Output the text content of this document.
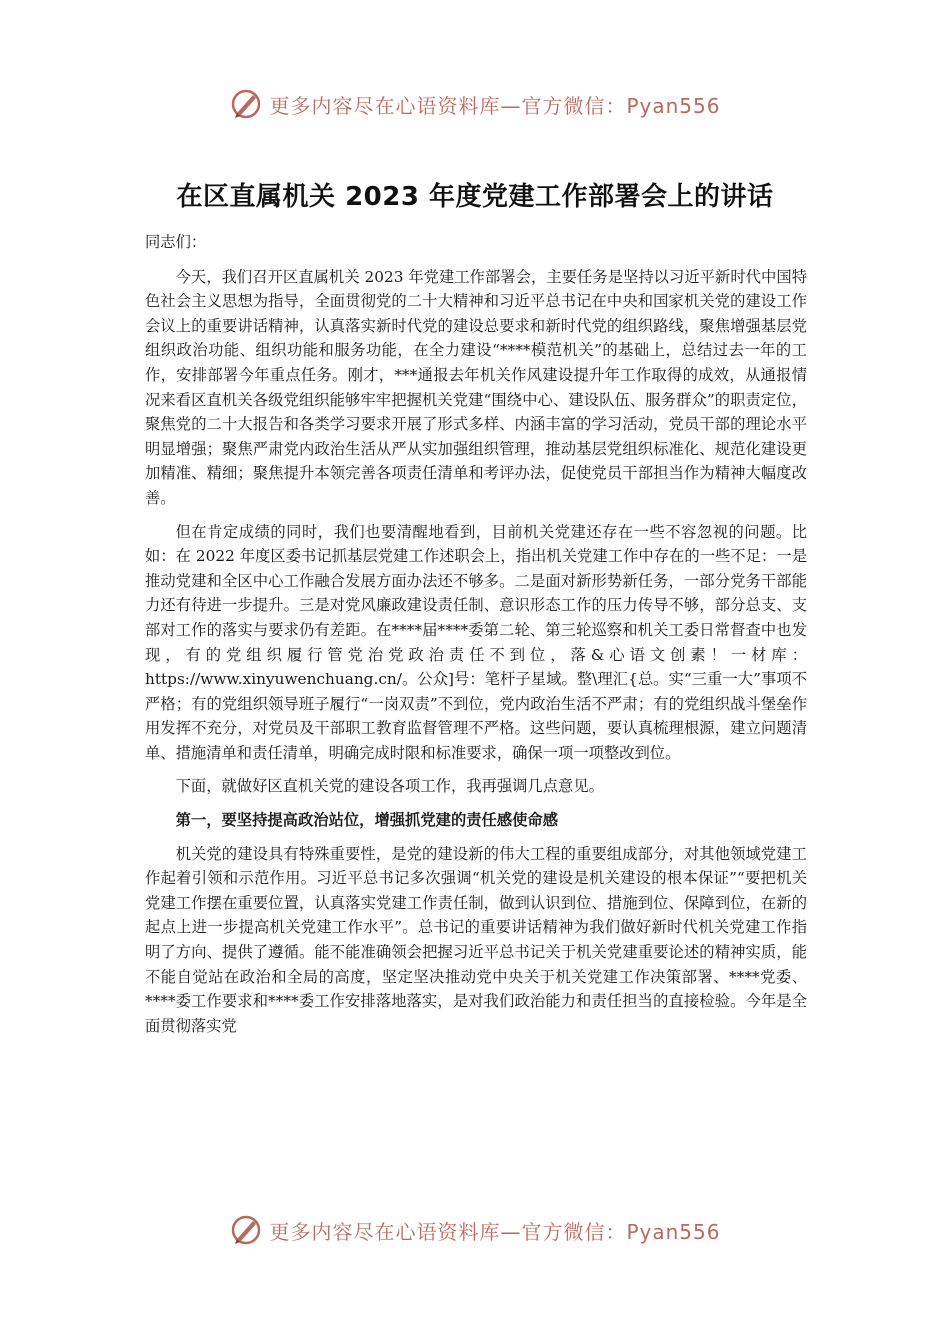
更多内容尽在心语资料库—官方微信：Pyan556
在区直属机关 2023 年度党建工作部署会上的讲话

同志们：

今天，我们召开区直属机关 2023 年党建工作部署会，主要任务是坚持以习近平新时代中国特色社会主义思想为指导，全面贯彻党的二十大精神和习近平总书记在中央和国家机关党的建设工作会议上的重要讲话精神，认真落实新时代党的建设总要求和新时代党的组织路线，聚焦增强基层党组织政治功能、组织功能和服务功能，在全力建设“****模范机关”的基础上，总结过去一年的工作，安排部署今年重点任务。刚才，***通报去年机关作风建设提升年工作取得的成效，从通报情况来看区直机关各级党组织能够牢牢把握机关党建“围绕中心、建设队伍、服务群众”的职责定位，聚焦党的二十大报告和各类学习要求开展了形式多样、内涵丰富的学习活动，党员干部的理论水平明显增强；聚焦严肃党内政治生活从严从实加强组织管理，推动基层党组织标准化、规范化建设更加精准、精细；聚焦提升本领完善各项责任清单和考评办法，促使党员干部担当作为精神大幅度改善。

但在肯定成绩的同时，我们也要清醒地看到，目前机关党建还存在一些不容忽视的问题。比如：在 2022 年度区委书记抓基层党建工作述职会上，指出机关党建工作中存在的一些不足：一是推动党建和全区中心工作融合发展方面办法还不够多。二是面对新形势新任务，一部分党务干部能力还有待进一步提升。三是对党风廉政建设责任制、意识形态工作的压力传导不够，部分总支、支部对工作的落实与要求仍有差距。在****届****委第二轮、第三轮巡察和机关工委日常督查中也发现，有的党组织履行管党治党政治责任不到位，落&心语文创素！一材库：https://www.xinyuwenchuang.cn/。公众]号：笔杆子星域。整\理汇{总。实“三重一大”事项不严格；有的党组织领导班子履行“一岗双责”不到位，党内政治生活不严肃；有的党组织战斗堡垒作用发挥不充分，对党员及干部职工教育监督管理不严格。这些问题，要认真梳理根源，建立问题清单、措施清单和责任清单，明确完成时限和标准要求，确保一项一项整改到位。

下面，就做好区直机关党的建设各项工作，我再强调几点意见。

第一，要坚持提高政治站位，增强抓党建的责任感使命感

机关党的建设具有特殊重要性，是党的建设新的伟大工程的重要组成部分，对其他领域党建工作起着引领和示范作用。习近平总书记多次强调“机关党的建设是机关建设的根本保证”“要把机关党建工作摆在重要位置，认真落实党建工作责任制，做到认识到位、措施到位、保障到位，在新的起点上进一步提高机关党建工作水平”。总书记的重要讲话精神为我们做好新时代机关党建工作指明了方向、提供了遵循。能不能准确领会把握习近平总书记关于机关党建重要论述的精神实质，能不能自觉站在政治和全局的高度，坚定坚决推动党中央关于机关党建工作决策部署、****党委、****委工作要求和****委工作安排落地落实，是对我们政治能力和责任担当的直接检验。今年是全面贯彻落实党

更多内容尽在心语资料库—官方微信：Pyan556
